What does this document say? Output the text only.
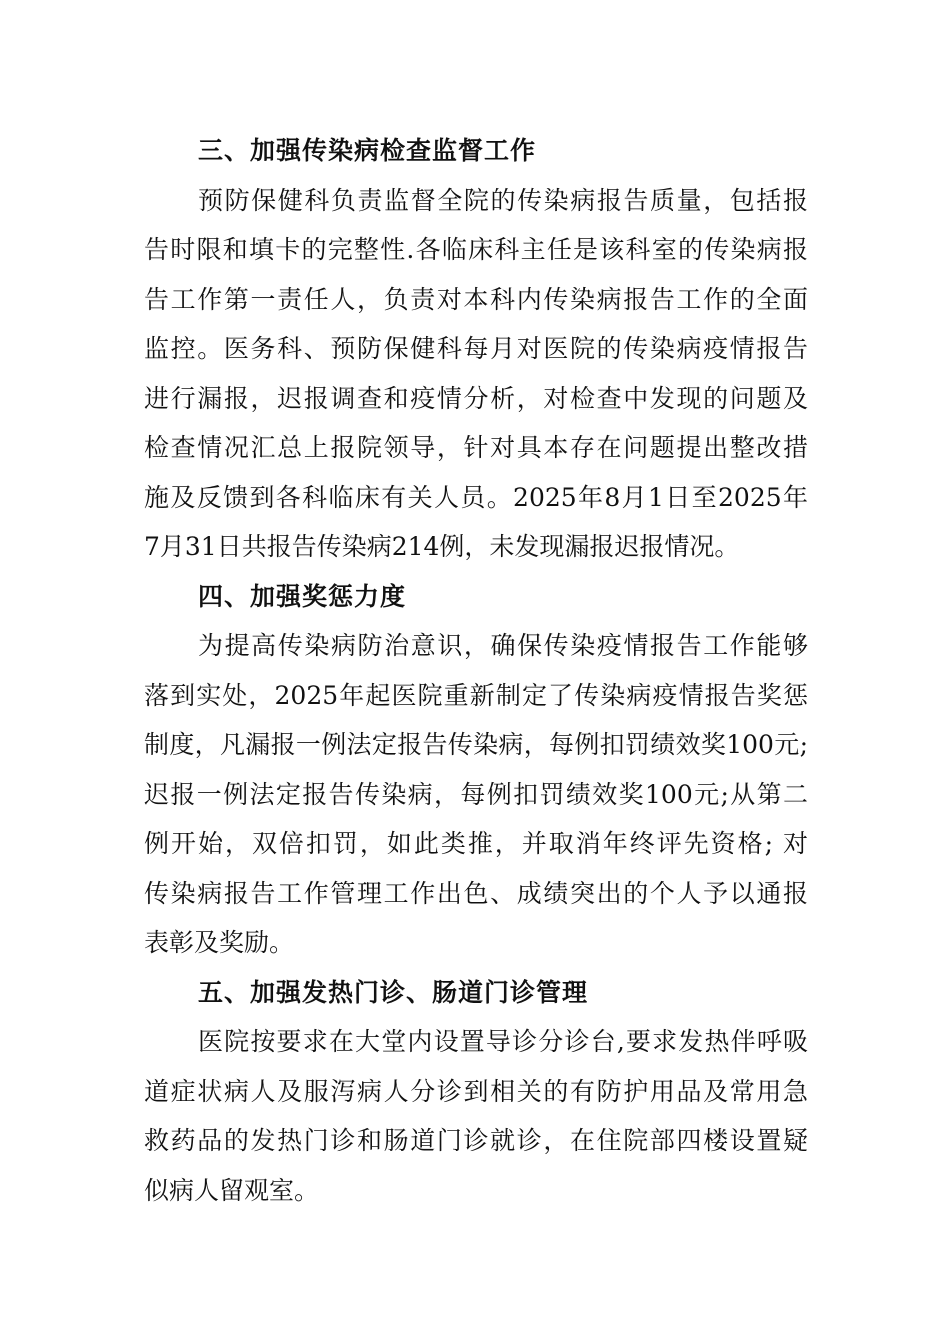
三、加强传染病检查监督工作

预防保健科负责监督全院的传染病报告质量，包括报
告时限和填卡的完整性.各临床科主任是该科室的传染病报
告工作第一责任人，负责对本科内传染病报告工作的全面
监控。医务科、预防保健科每月对医院的传染病疫情报告
进行漏报，迟报调查和疫情分析，对检查中发现的问题及
检查情况汇总上报院领导，针对具本存在问题提出整改措
施及反馈到各科临床有关人员。2025年8月1日至2025年
7月31日共报告传染病214例，未发现漏报迟报情况。

四、加强奖惩力度

为提高传染病防治意识，确保传染疫情报告工作能够
落到实处，2025年起医院重新制定了传染病疫情报告奖惩
制度，凡漏报一例法定报告传染病，每例扣罚绩效奖100元;
迟报一例法定报告传染病，每例扣罚绩效奖100元;从第二
例开始，双倍扣罚，如此类推，并取消年终评先资格; 对
传染病报告工作管理工作出色、成绩突出的个人予以通报
表彰及奖励。

五、加强发热门诊、肠道门诊管理

医院按要求在大堂内设置导诊分诊台,要求发热伴呼吸
道症状病人及服泻病人分诊到相关的有防护用品及常用急
救药品的发热门诊和肠道门诊就诊，在住院部四楼设置疑
似病人留观室。
